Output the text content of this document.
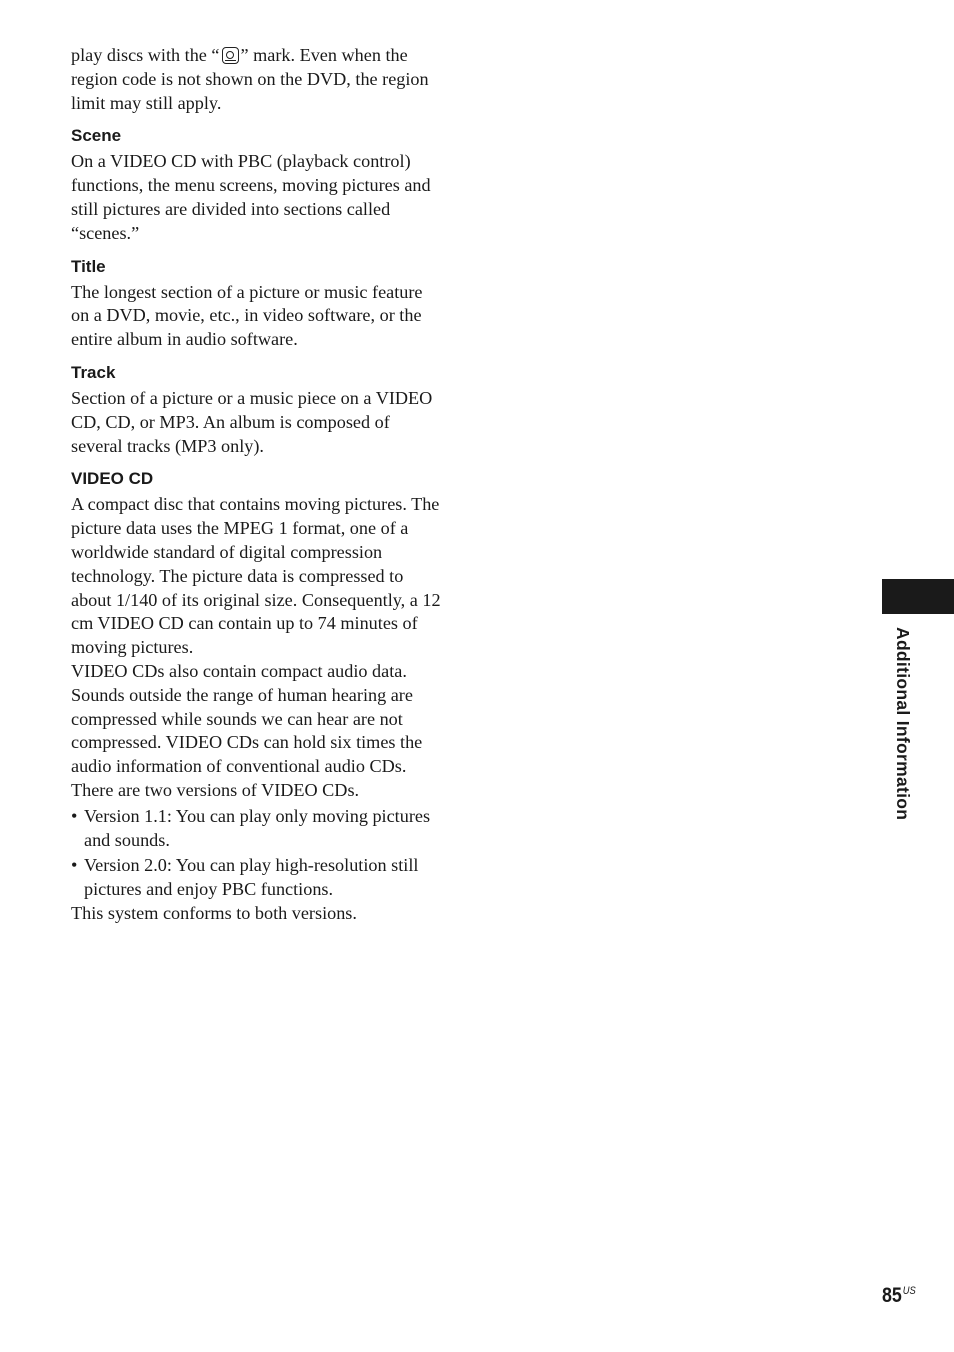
play discs with the “ ” mark. Even when the region code is not shown on the DVD, the region limit may still apply.

Scene

On a VIDEO CD with PBC (playback control) functions, the menu screens, moving pictures and still pictures are divided into sections called “scenes.”

Title

The longest section of a picture or music feature on a DVD, movie, etc., in video software, or the entire album in audio software.

Track

Section of a picture or a music piece on a VIDEO CD, CD, or MP3. An album is composed of several tracks (MP3 only).

VIDEO CD

A compact disc that contains moving pictures. The picture data uses the MPEG 1 format, one of a worldwide standard of digital compression technology. The picture data is compressed to about 1/140 of its original size. Consequently, a 12 cm VIDEO CD can contain up to 74 minutes of moving pictures.

VIDEO CDs also contain compact audio data. Sounds outside the range of human hearing are compressed while sounds we can hear are not compressed. VIDEO CDs can hold six times the audio information of conventional audio CDs.

There are two versions of VIDEO CDs.

• Version 1.1: You can play only moving pictures and sounds.
• Version 2.0: You can play high-resolution still pictures and enjoy PBC functions.

This system conforms to both versions.

Additional Information
$85^{US}$
